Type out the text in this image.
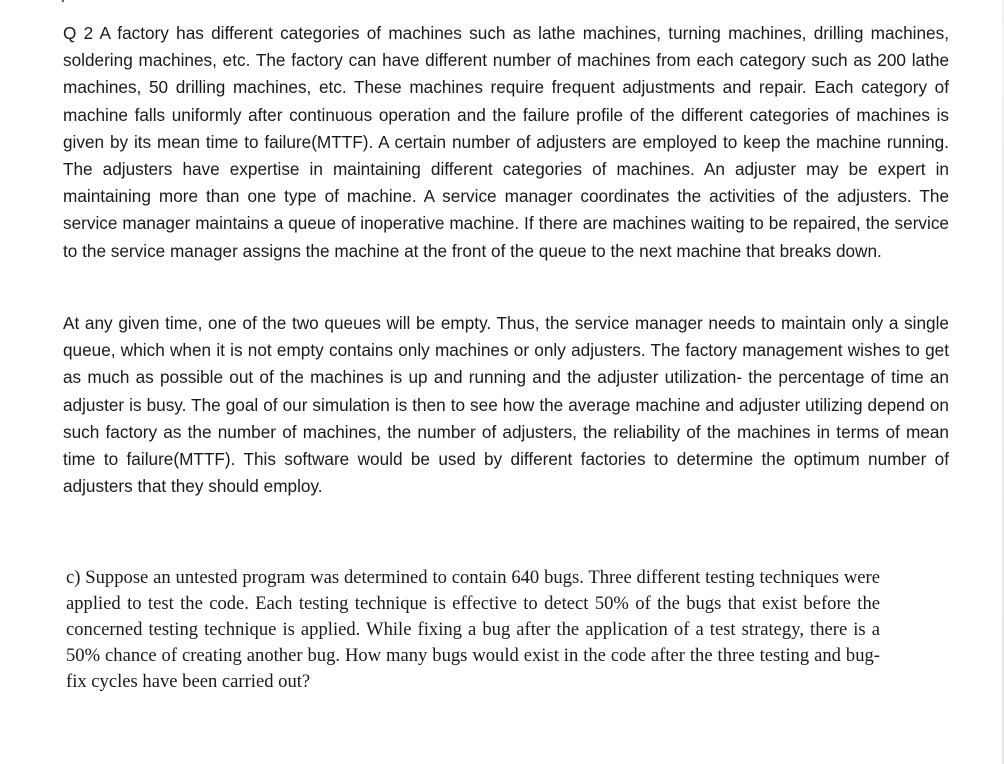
Q 2 A factory has different categories of machines such as lathe machines, turning machines, drilling machines, soldering machines, etc. The factory can have different number of machines from each category such as 200 lathe machines, 50 drilling machines, etc. These machines require frequent adjustments and repair. Each category of machine falls uniformly after continuous operation and the failure profile of the different categories of machines is given by its mean time to failure(MTTF). A certain number of adjusters are employed to keep the machine running. The adjusters have expertise in maintaining different categories of machines. An adjuster may be expert in maintaining more than one type of machine. A service manager coordinates the activities of the adjusters. The service manager maintains a queue of inoperative machine. If there are machines waiting to be repaired, the service to the service manager assigns the machine at the front of the queue to the next machine that breaks down.

At any given time, one of the two queues will be empty. Thus, the service manager needs to maintain only a single queue, which when it is not empty contains only machines or only adjusters. The factory management wishes to get as much as possible out of the machines is up and running and the adjuster utilization- the percentage of time an adjuster is busy. The goal of our simulation is then to see how the average machine and adjuster utilizing depend on such factory as the number of machines, the number of adjusters, the reliability of the machines in terms of mean time to failure(MTTF). This software would be used by different factories to determine the optimum number of adjusters that they should employ.

c) Suppose an untested program was determined to contain 640 bugs. Three different testing techniques were applied to test the code. Each testing technique is effective to detect 50% of the bugs that exist before the concerned testing technique is applied. While fixing a bug after the application of a test strategy, there is a 50% chance of creating another bug. How many bugs would exist in the code after the three testing and bug-fix cycles have been carried out?
